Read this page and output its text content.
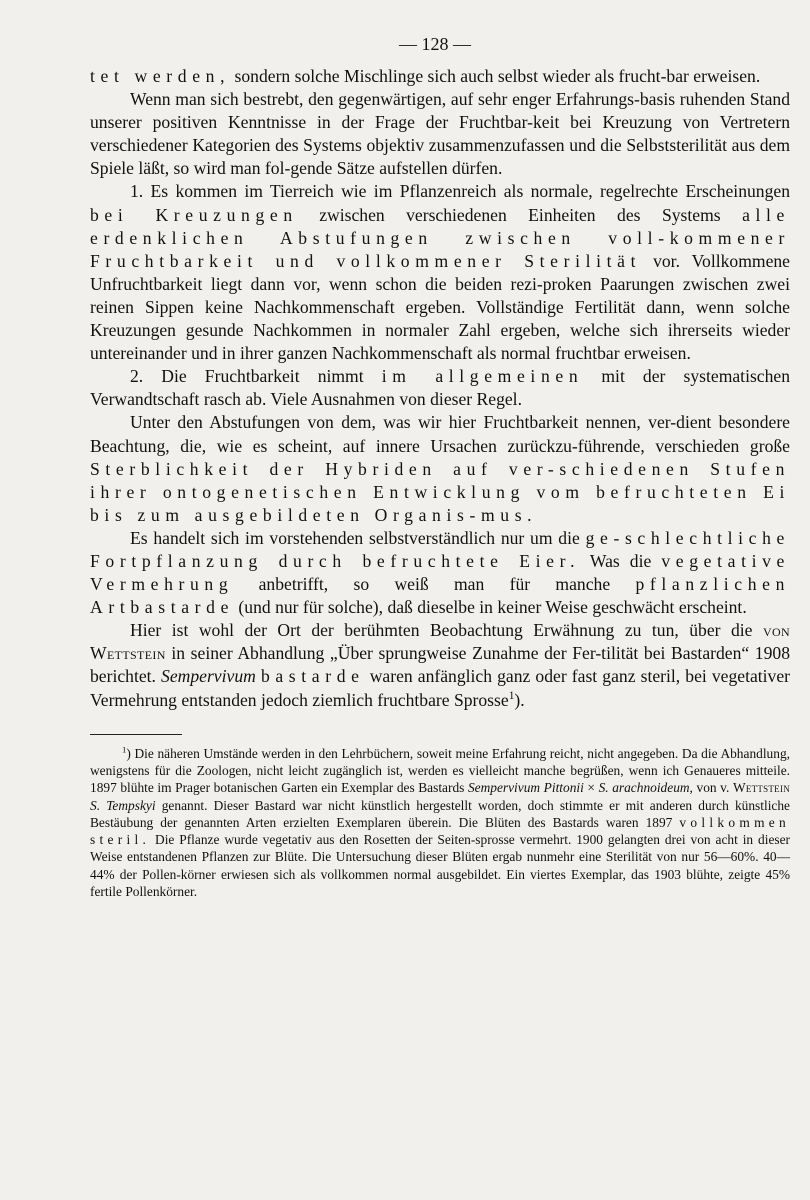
— 128 —

tet werden, sondern solche Mischlinge sich auch selbst wieder als frucht-bar erweisen.

Wenn man sich bestrebt, den gegenwärtigen, auf sehr enger Erfahrungs-basis ruhenden Stand unserer positiven Kenntnisse in der Frage der Fruchtbar-keit bei Kreuzung von Vertretern verschiedener Kategorien des Systems objektiv zusammenzufassen und die Selbststerilität aus dem Spiele läßt, so wird man fol-gende Sätze aufstellen dürfen.

1. Es kommen im Tierreich wie im Pflanzenreich als normale, regelrechte Erscheinungen bei Kreuzungen zwischen verschiedenen Einheiten des Systems alle erdenklichen Abstufungen zwischen voll-kommener Fruchtbarkeit und vollkommener Sterilität vor. Vollkommene Unfruchtbarkeit liegt dann vor, wenn schon die beiden rezi-proken Paarungen zwischen zwei reinen Sippen keine Nachkommenschaft ergeben. Vollständige Fertilität dann, wenn solche Kreuzungen gesunde Nachkommen in normaler Zahl ergeben, welche sich ihrerseits wieder untereinander und in ihrer ganzen Nachkommenschaft als normal fruchtbar erweisen.

2. Die Fruchtbarkeit nimmt im allgemeinen mit der systematischen Verwandtschaft rasch ab. Viele Ausnahmen von dieser Regel.

Unter den Abstufungen von dem, was wir hier Fruchtbarkeit nennen, ver-dient besondere Beachtung, die, wie es scheint, auf innere Ursachen zurückzu-führende, verschieden große Sterblichkeit der Hybriden auf ver-schiedenen Stufen ihrer ontogenetischen Entwicklung vom befruchteten Ei bis zum ausgebildeten Organis-mus.

Es handelt sich im vorstehenden selbstverständlich nur um die ge-schlechtliche Fortpflanzung durch befruchtete Eier. Was die vegetative Vermehrung anbetrifft, so weiß man für manche pflanzlichen Artbastarde (und nur für solche), daß dieselbe in keiner Weise geschwächt erscheint.

Hier ist wohl der Ort der berühmten Beobachtung Erwähnung zu tun, über die von Wettstein in seiner Abhandlung „Über sprungweise Zunahme der Fer-tilität bei Bastarden“ 1908 berichtet. Sempervivum bastarde waren anfänglich ganz oder fast ganz steril, bei vegetativer Vermehrung entstanden jedoch ziemlich fruchtbare Sprosse$^1$).

$^1$) Die näheren Umstände werden in den Lehrbüchern, soweit meine Erfahrung reicht, nicht angegeben. Da die Abhandlung, wenigstens für die Zoologen, nicht leicht zugänglich ist, werden es vielleicht manche begrüßen, wenn ich Genaueres mitteile. 1897 blühte im Prager botanischen Garten ein Exemplar des Bastards Sempervivum Pittonii × S. arachnoideum, von v. Wettstein S. Tempskyi genannt. Dieser Bastard war nicht künstlich hergestellt worden, doch stimmte er mit anderen durch künstliche Bestäubung der genannten Arten erzielten Exemplaren überein. Die Blüten des Bastards waren 1897 vollkommen steril. Die Pflanze wurde vegetativ aus den Rosetten der Seiten-sprosse vermehrt. 1900 gelangten drei von acht in dieser Weise entstandenen Pflanzen zur Blüte. Die Untersuchung dieser Blüten ergab nunmehr eine Sterilität von nur 56—60%. 40—44% der Pollen-körner erwiesen sich als vollkommen normal ausgebildet. Ein viertes Exemplar, das 1903 blühte, zeigte 45% fertile Pollenkörner.
